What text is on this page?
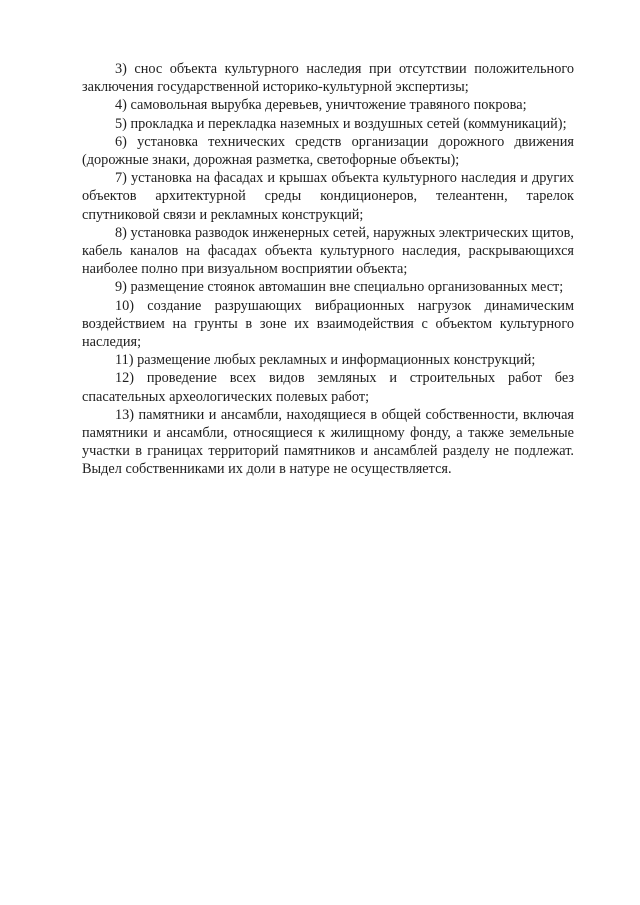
3) снос объекта культурного наследия при отсутствии положительного заключения государственной историко-культурной экспертизы;

4) самовольная вырубка деревьев, уничтожение травяного покрова;

5) прокладка и перекладка наземных и воздушных сетей (коммуникаций);

6) установка технических средств организации дорожного движения (дорожные знаки, дорожная разметка, светофорные объекты);

7) установка на фасадах и крышах объекта культурного наследия и других объектов архитектурной среды кондиционеров, телеантенн, тарелок спутниковой связи и рекламных конструкций;

8) установка разводок инженерных сетей, наружных электрических щитов, кабель каналов на фасадах объекта культурного наследия, раскрывающихся наиболее полно при визуальном восприятии объекта;

9) размещение стоянок автомашин вне специально организованных мест;

10) создание разрушающих вибрационных нагрузок динамическим воздействием на грунты в зоне их взаимодействия с объектом культурного наследия;

11) размещение любых рекламных и информационных конструкций;

12) проведение всех видов земляных и строительных работ без спасательных археологических полевых работ;

13) памятники и ансамбли, находящиеся в общей собственности, включая памятники и ансамбли, относящиеся к жилищному фонду, а также земельные участки в границах территорий памятников и ансамблей разделу не подлежат. Выдел собственниками их доли в натуре не осуществляется.
